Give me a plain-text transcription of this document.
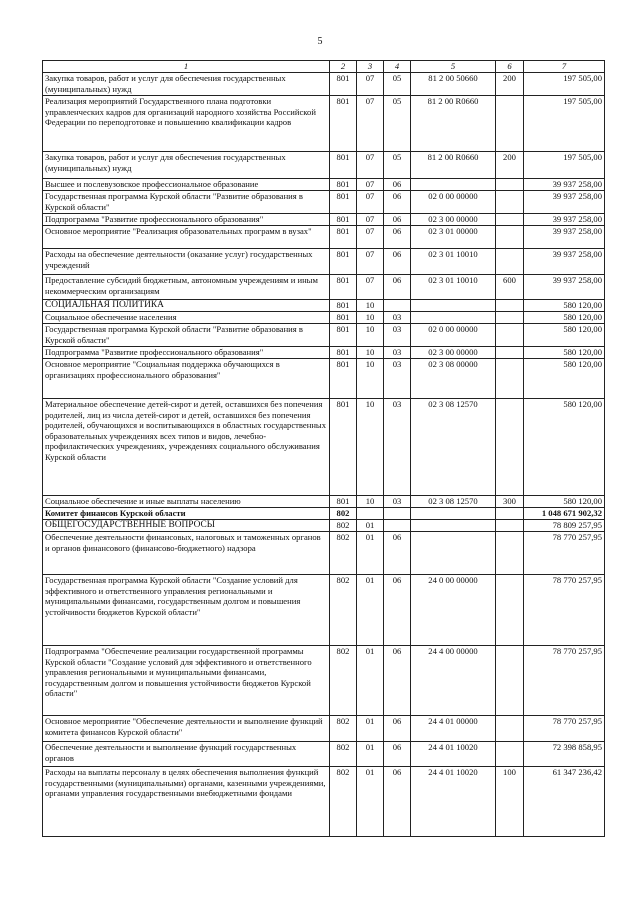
5
1	2	3	4	5	6	7
Закупка товаров, работ и услуг для обеспечения государственных (муниципальных) нужд	801	07	05	81 2 00 50660	200	197 505,00
Реализация мероприятий Государственного плана подготовки управленческих кадров для организаций народного хозяйства Российской Федерации по переподготовке и повышению квалификации кадров	801	07	05	81 2 00 R0660		197 505,00
Закупка товаров, работ и услуг для обеспечения государственных (муниципальных) нужд	801	07	05	81 2 00 R0660	200	197 505,00
Высшее и послевузовское профессиональное образование	801	07	06			39 937 258,00
Государственная программа Курской области "Развитие образования в Курской области"	801	07	06	02 0 00 00000		39 937 258,00
Подпрограмма "Развитие профессионального образования"	801	07	06	02 3 00 00000		39 937 258,00
Основное мероприятие "Реализация образовательных программ в вузах"	801	07	06	02 3 01 00000		39 937 258,00
Расходы на обеспечение деятельности (оказание услуг) государственных учреждений	801	07	06	02 3 01 10010		39 937 258,00
Предоставление субсидий бюджетным, автономным учреждениям и иным некоммерческим организациям	801	07	06	02 3 01 10010	600	39 937 258,00
СОЦИАЛЬНАЯ ПОЛИТИКА	801	10				580 120,00
Социальное обеспечение населения	801	10	03			580 120,00
Государственная программа Курской области "Развитие образования в Курской области"	801	10	03	02 0 00 00000		580 120,00
Подпрограмма "Развитие профессионального образования"	801	10	03	02 3 00 00000		580 120,00
Основное мероприятие "Социальная поддержка обучающихся в организациях профессионального образования"	801	10	03	02 3 08 00000		580 120,00
Материальное обеспечение детей-сирот и детей, оставшихся без попечения родителей, лиц из числа детей-сирот и детей, оставшихся без попечения родителей, обучающихся и воспитывающихся в областных государственных образовательных учреждениях всех типов и видов, лечебно-профилактических учреждениях, учреждениях социального обслуживания Курской области	801	10	03	02 3 08 12570		580 120,00
Социальное обеспечение и иные выплаты населению	801	10	03	02 3 08 12570	300	580 120,00
Комитет финансов Курской области	802					1 048 671 902,32
ОБЩЕГОСУДАРСТВЕННЫЕ ВОПРОСЫ	802	01				78 809 257,95
Обеспечение деятельности финансовых, налоговых и таможенных органов и органов финансового (финансово-бюджетного) надзора	802	01	06			78 770 257,95
Государственная программа Курской области "Создание условий для эффективного и ответственного управления региональными и муниципальными финансами, государственным долгом и повышения устойчивости бюджетов Курской области"	802	01	06	24 0 00 00000		78 770 257,95
Подпрограмма "Обеспечение реализации государственной программы Курской области "Создание условий для эффективного и ответственного управления региональными и муниципальными финансами, государственным долгом и повышения устойчивости бюджетов Курской области"	802	01	06	24 4 00 00000		78 770 257,95
Основное мероприятие "Обеспечение деятельности и выполнение функций комитета финансов Курской области"	802	01	06	24 4 01 00000		78 770 257,95
Обеспечение деятельности и выполнение функций государственных органов	802	01	06	24 4 01 10020		72 398 858,95
Расходы на выплаты персоналу в целях обеспечения выполнения функций государственными (муниципальными) органами, казенными учреждениями, органами управления государственными внебюджетными фондами	802	01	06	24 4 01 10020	100	61 347 236,42
